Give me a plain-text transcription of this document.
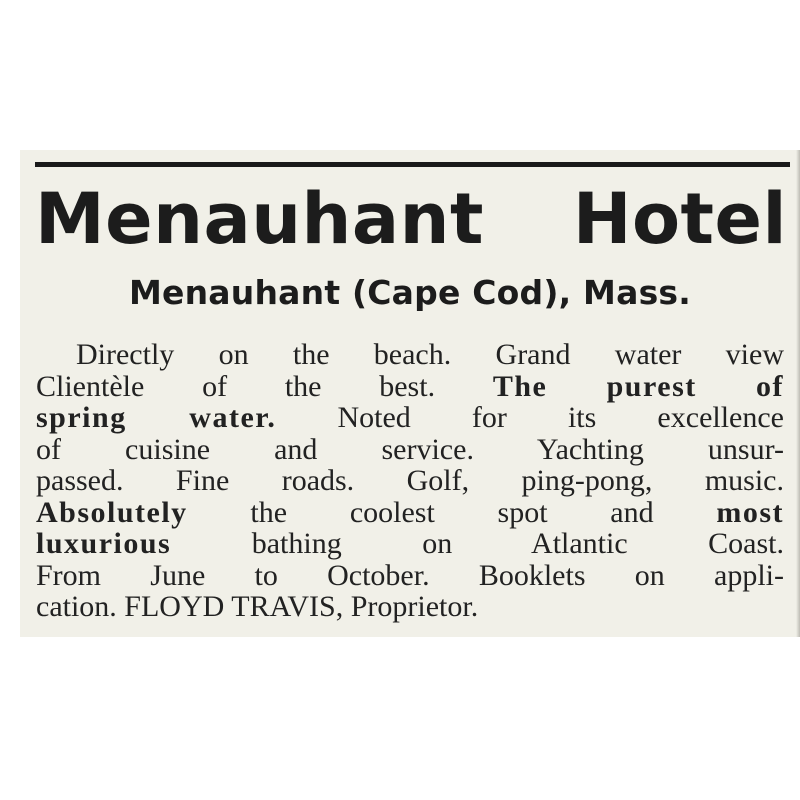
Menauhant Hotel
Menauhant (Cape Cod), Mass.
Directly on the beach. Grand water view
Clientèle of the best. The purest of
spring water. Noted for its excellence
of cuisine and service. Yachting unsur-
passed. Fine roads. Golf, ping-pong, music.
Absolutely the coolest spot and most
luxurious bathing on Atlantic Coast.
From June to October. Booklets on appli-
cation. FLOYD TRAVIS, Proprietor.
